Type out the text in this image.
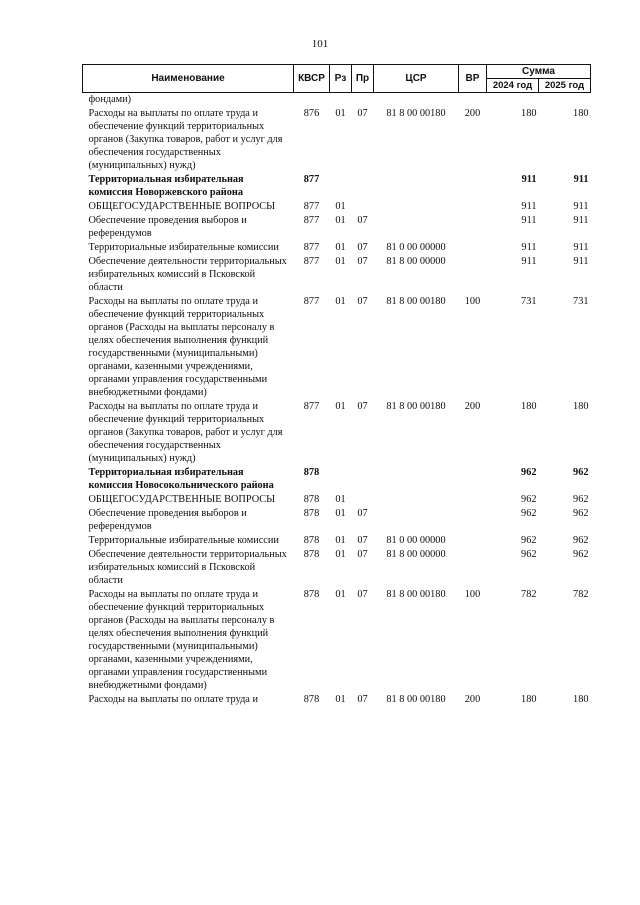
101
Наименование	КВСР	Рз	Пр	ЦСР	ВР	Сумма	
						2024 год	2025 год
фондами)							
Расходы на выплаты по оплате труда и обеспечение функций территориальных органов (Закупка товаров, работ и услуг для обеспечения государственных (муниципальных) нужд)	876	01	07	81 8 00 00180	200	180	180
Территориальная избирательная комиссия Новоржевского района	877					911	911
ОБЩЕГОСУДАРСТВЕННЫЕ ВОПРОСЫ	877	01				911	911
Обеспечение проведения выборов и референдумов	877	01	07			911	911
Территориальные избирательные комиссии	877	01	07	81 0 00 00000		911	911
Обеспечение деятельности территориальных избирательных комиссий в Псковской области	877	01	07	81 8 00 00000		911	911
Расходы на выплаты по оплате труда и обеспечение функций территориальных органов (Расходы на выплаты персоналу в целях обеспечения выполнения функций государственными (муниципальными) органами, казенными учреждениями, органами управления государственными внебюджетными фондами)	877	01	07	81 8 00 00180	100	731	731
Расходы на выплаты по оплате труда и обеспечение функций территориальных органов (Закупка товаров, работ и услуг для обеспечения государственных (муниципальных) нужд)	877	01	07	81 8 00 00180	200	180	180
Территориальная избирательная комиссия Новосокольнического района	878					962	962
ОБЩЕГОСУДАРСТВЕННЫЕ ВОПРОСЫ	878	01				962	962
Обеспечение проведения выборов и референдумов	878	01	07			962	962
Территориальные избирательные комиссии	878	01	07	81 0 00 00000		962	962
Обеспечение деятельности территориальных избирательных комиссий в Псковской области	878	01	07	81 8 00 00000		962	962
Расходы на выплаты по оплате труда и обеспечение функций территориальных органов (Расходы на выплаты персоналу в целях обеспечения выполнения функций государственными (муниципальными) органами, казенными учреждениями, органами управления государственными внебюджетными фондами)	878	01	07	81 8 00 00180	100	782	782
Расходы на выплаты по оплате труда и	878	01	07	81 8 00 00180	200	180	180
